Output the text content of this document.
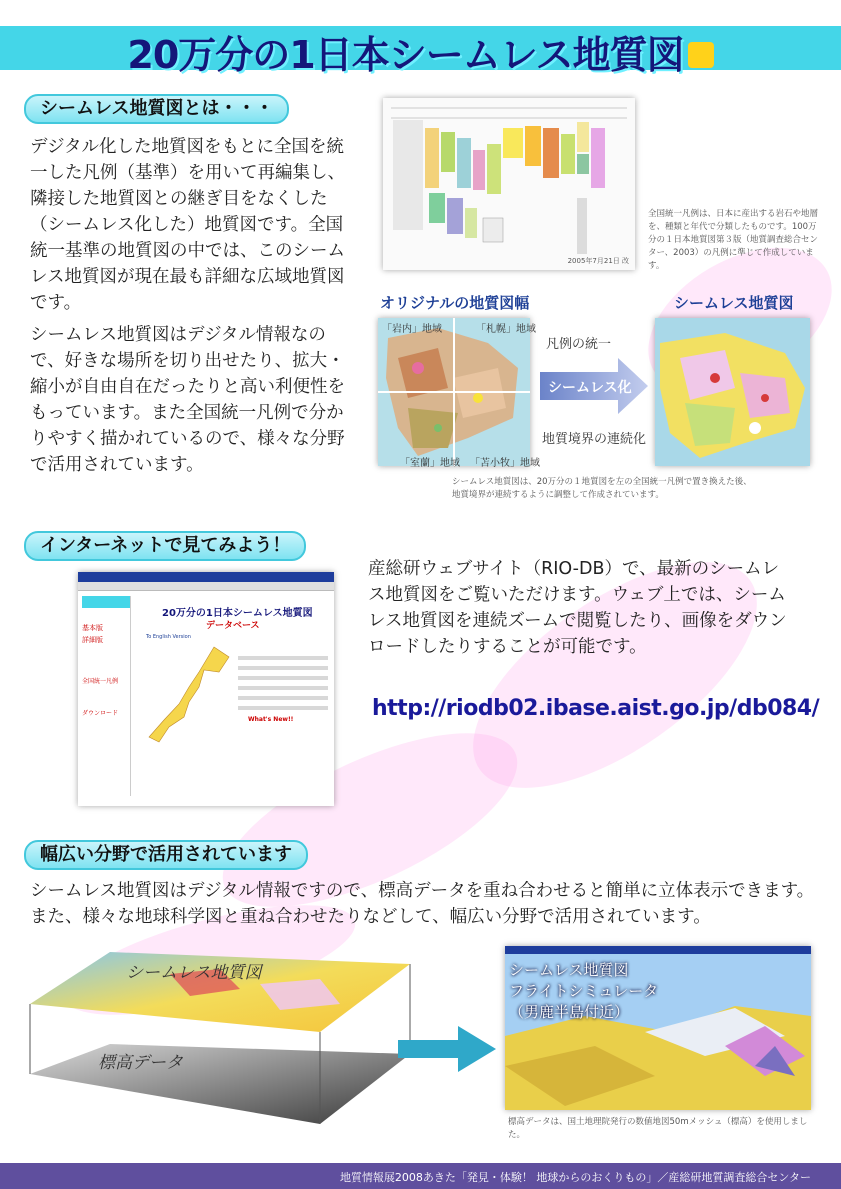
20万分の1日本シームレス地質図
シームレス地質図とは・・・
デジタル化した地質図をもとに全国を統一した凡例（基準）を用いて再編集し、隣接した地質図との継ぎ目をなくした（シームレス化した）地質図です。全国統一基準の地質図の中では、このシームレス地質図が現在最も詳細な広域地質図です。
シームレス地質図はデジタル情報なので、好きな場所を切り出せたり、拡大・縮小が自由自在だったりと高い利便性をもっています。また全国統一凡例で分かりやすく描かれているので、様々な分野で活用されています。
2005年7月21日 改
全国統一凡例は、日本に産出する岩石や地層を、種類と年代で分類したものです。100万分の１日本地質図第３版（地質調査総合センター、2003）の凡例に準じて作成しています。
オリジナルの地質図幅	シームレス地質図
「岩内」地域	「札幌」地域
「室蘭」地域 「苫小牧」地域
凡例の統一
シームレス化
地質境界の連続化
シームレス地質図は、20万分の１地質図を左の全国統一凡例で置き換えた後、地質境界が連続するように調整して作成されています。
インターネットで見てみよう！
基本版
詳細版
全国統一凡例
ダウンロード
20万分の1日本シームレス地質図
データベース
To English Version
What's New!!
産総研ウェブサイト（RIO-DB）で、最新のシームレス地質図をご覧いただけます。ウェブ上では、シームレス地質図を連続ズームで閲覧したり、画像をダウンロードしたりすることが可能です。
http://riodb02.ibase.aist.go.jp/db084/
幅広い分野で活用されています
シームレス地質図はデジタル情報ですので、標高データを重ね合わせると簡単に立体表示できます。また、様々な地球科学図と重ね合わせたりなどして、幅広い分野で活用されています。
シームレス地質図
標高データ
シームレス地質図
フライトシミュレータ
（男鹿半島付近）
標高データは、国土地理院発行の数値地図50mメッシュ（標高）を使用しました。
地質情報展2008あきた「発見・体験！ 地球からのおくりもの」／産総研地質調査総合センター
